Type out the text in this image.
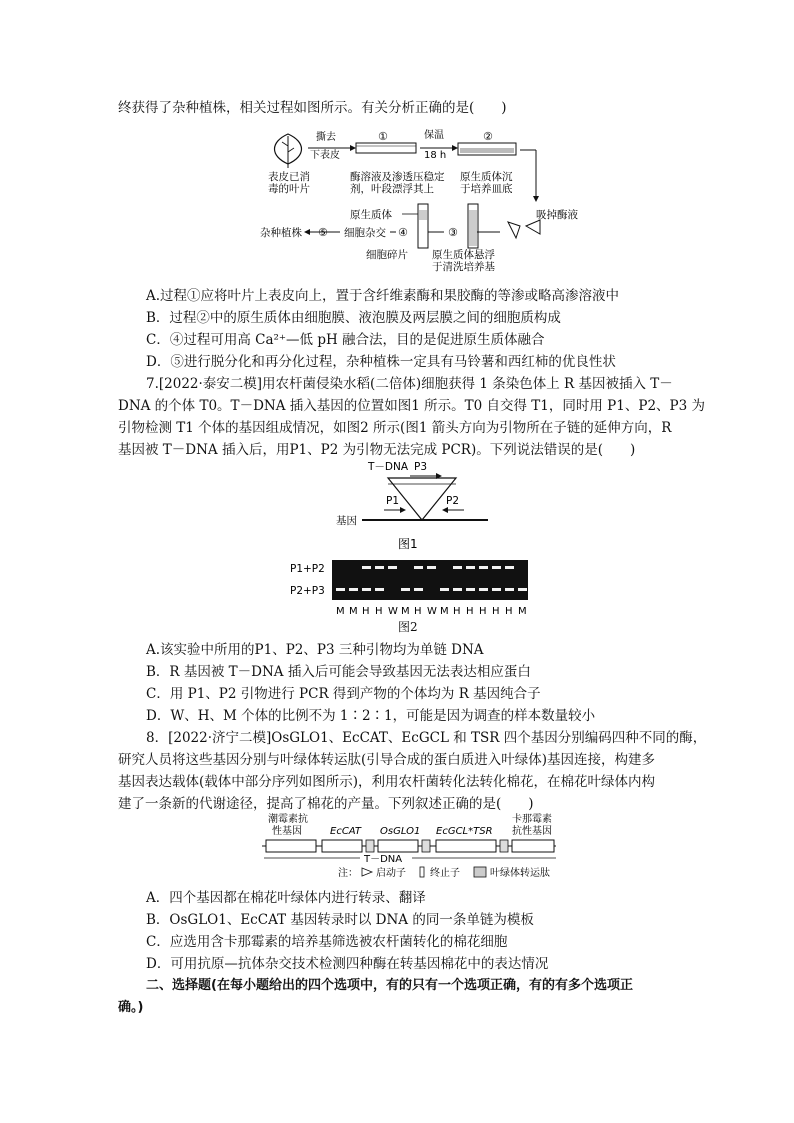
终获得了杂种植株，相关过程如图所示。有关分析正确的是(　　)
表皮已消
毒的叶片
撕去
下表皮
①
酶溶液及渗透压稳定
剂，叶段漂浮其上
保温
18 h
②
原生质体沉
于培养皿底
吸掉酶液
③
原生质体悬浮
于清洗培养基
原生质体
细胞碎片
④
细胞杂交
⑤
杂种植株
A.过程①应将叶片上表皮向上，置于含纤维素酶和果胶酶的等渗或略高渗溶液中
B．过程②中的原生质体由细胞膜、液泡膜及两层膜之间的细胞质构成
C．④过程可用高 Ca²⁺—低 pH 融合法，目的是促进原生质体融合
D．⑤进行脱分化和再分化过程，杂种植株一定具有马铃薯和西红柿的优良性状
7.[2022·泰安二模]用农杆菌侵染水稻(二倍体)细胞获得 1 条染色体上 R 基因被插入 T－
DNA 的个体 T0。T－DNA 插入基因的位置如图1 所示。T0 自交得 T1，同时用 P1、P2、P3 为
引物检测 T1 个体的基因组成情况，如图2 所示(图1 箭头方向为引物所在子链的延伸方向，R
基因被 T－DNA 插入后，用P1、P2 为引物无法完成 PCR)。下列说法错误的是(　　)
T－DNA P3
P1	P2
基因
图1
P1+P2
P2+P3
M M H H W M H W M H H H H H M
图2
A.该实验中所用的P1、P2、P3 三种引物均为单链 DNA
B．R 基因被 T－DNA 插入后可能会导致基因无法表达相应蛋白
C．用 P1、P2 引物进行 PCR 得到产物的个体均为 R 基因纯合子
D．W、H、M 个体的比例不为 1∶2∶1，可能是因为调查的样本数量较小
8．[2022·济宁二模]OsGLO1、EcCAT、EcGCL 和 TSR 四个基因分别编码四种不同的酶，
研究人员将这些基因分别与叶绿体转运肽(引导合成的蛋白质进入叶绿体)基因连接，构建多
基因表达载体(载体中部分序列如图所示)，利用农杆菌转化法转化棉花，在棉花叶绿体内构
建了一条新的代谢途径，提高了棉花的产量。下列叙述正确的是(　　)
潮霉素抗
性基因	EcCAT OsGLO1 EcGCL*TSR
卡那霉素
抗性基因
T－DNA
注： 启动子 终止子	叶绿体转运肽
A．四个基因都在棉花叶绿体内进行转录、翻译
B．OsGLO1、EcCAT 基因转录时以 DNA 的同一条单链为模板
C．应选用含卡那霉素的培养基筛选被农杆菌转化的棉花细胞
D．可用抗原—抗体杂交技术检测四种酶在转基因棉花中的表达情况
二、选择题(在每小题给出的四个选项中，有的只有一个选项正确，有的有多个选项正
确。)
